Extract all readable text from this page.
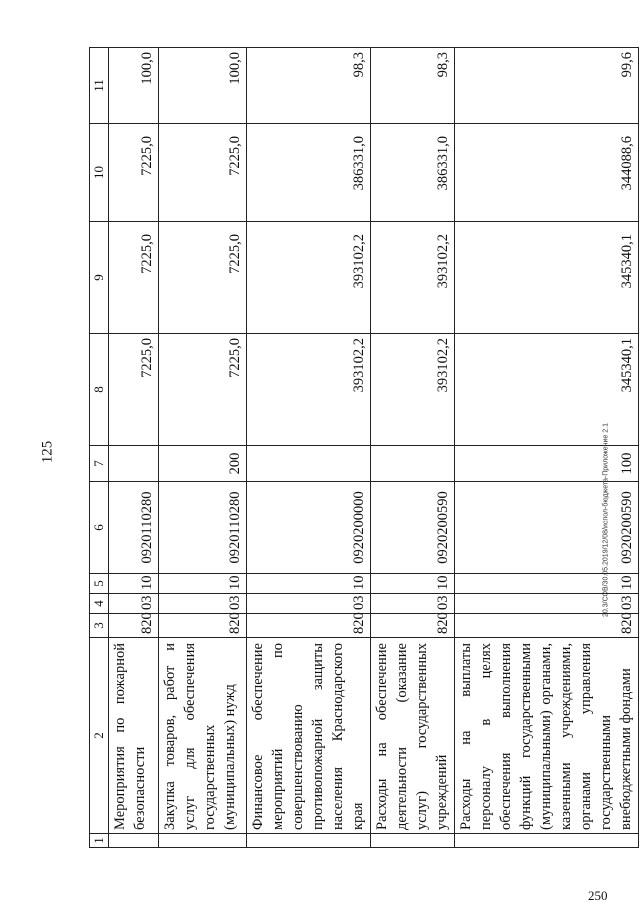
125	20.3/СОВ/30.05.2019/12/08/испол-бюджета-Приложение 2.1
250
1	2	3	4	5	6	7	8	9	10	11
	Мероприятия по пожарной безопасности	820	03	10	0920110280		7225,0	7225,0	7225,0	100,0
	Закупка товаров, работ и услуг для обеспечения государственных (муниципальных) нужд	820	03	10	0920110280	200	7225,0	7225,0	7225,0	100,0
	Финансовое обеспечение мероприятий по совершенствованию противопожарной защиты населения Краснодарского края	820	03	10	0920200000		393102,2	393102,2	386331,0	98,3
	Расходы на обеспечение деятельности (оказание услуг) государственных учреждений	820	03	10	0920200590		393102,2	393102,2	386331,0	98,3
	Расходы на выплаты персоналу в целях обеспечения выполнения функций государственными (муниципальными) органами, казенными учреждениями, органами управления государственными внебюджетными фондами	820	03	10	0920200590	100	345340,1	345340,1	344088,6	99,6
